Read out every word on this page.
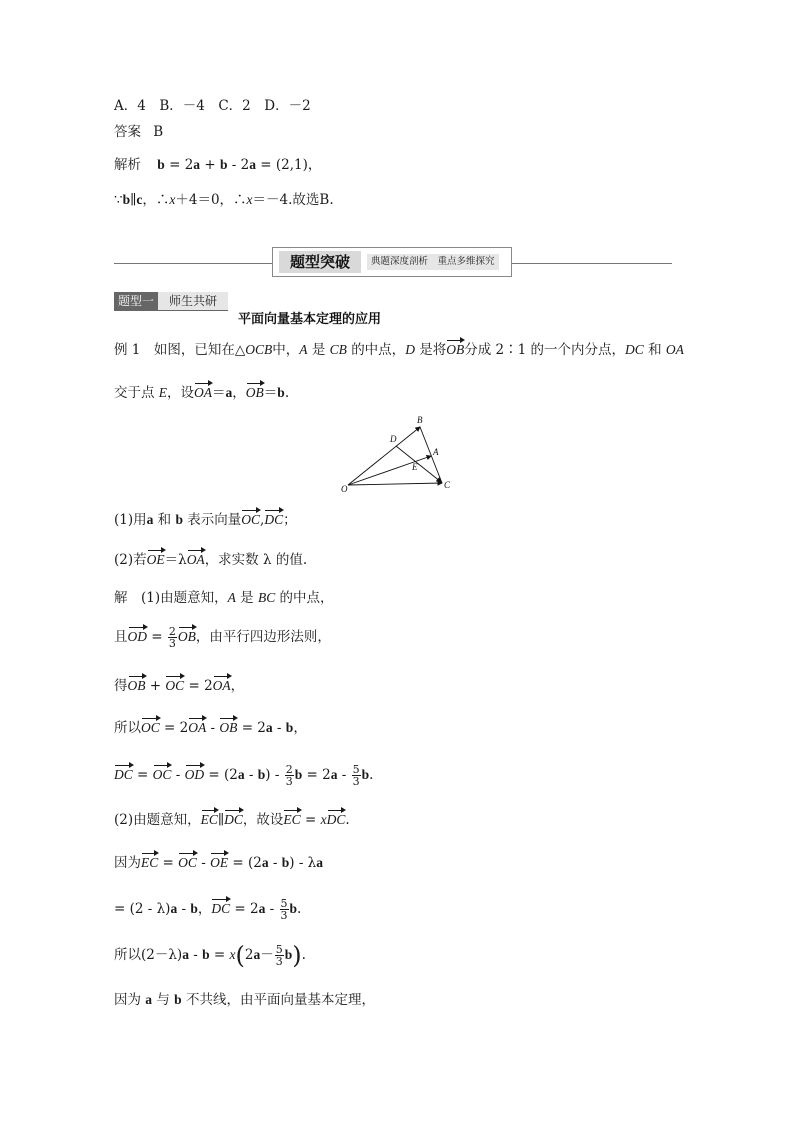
A．4　B．－4　C．2　D．－2
答案 B
解析 b = 2a + b - 2a = (2,1)，
∵b∥c，∴x＋4＝0，∴x＝－4.故选B.
题型突破	典题深度剖析　重点多维探究
题型一	师生共研
平面向量基本定理的应用
例 1　 如图，已知在△OCB中，A 是 CB 的中点，D 是将OB分成 2∶1 的一个内分点，DC 和 OA
交于点 E，设OA＝a，OB＝b.
B
D
E
A
O	C
(1)用a 和 b 表示向量OC,DC；
(2)若OE＝λOA，求实数 λ 的值.
解　 (1)由题意知，A 是 BC 的中点，
且OD = $\frac{2}{3}$ OB，由平行四边形法则，
得OB + OC = 2OA，
所以OC = 2OA - OB = 2a - b，
DC = OC - OD = $(2a - b) - \frac{2}{3}$ $b = 2a - \frac{5}{3} b$.
(2)由题意知，EC∥DC，故设EC = xDC.
因为EC = OC - OE = (2a - b) - λa
= (2 - λ)a - b，DC = $2a - \frac{5}{3} b$.
所以$(2-\lambda)a - b = x(2a- \frac{5}{3} b)$.
因为 a 与 b 不共线，由平面向量基本定理，
